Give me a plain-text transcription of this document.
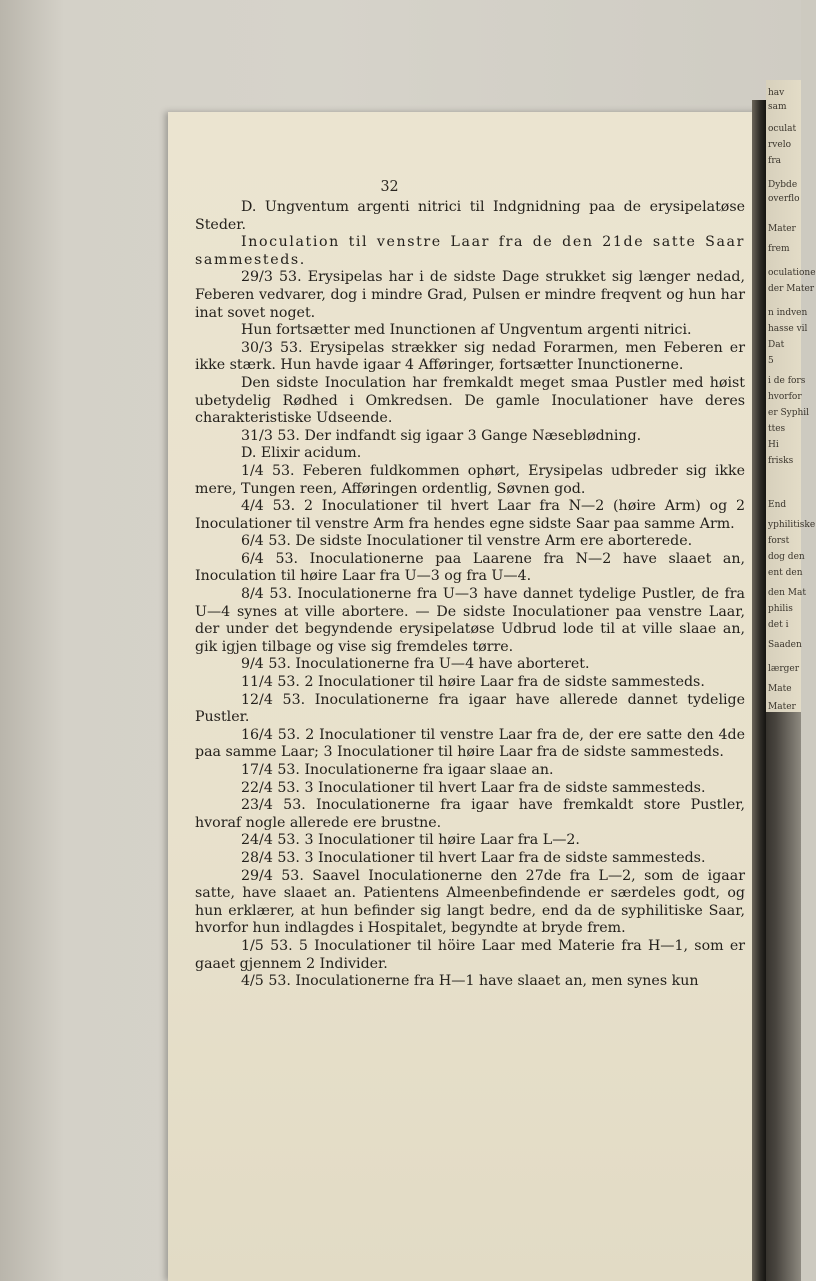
hav
sam
oculat
rvelo
fra
Dybde
overflo
Mater
frem
oculatione
der Mater
n indven
hasse vil
Dat
5
i de fors
hvorfor
er Syphil
ttes
Hi
frisks
End
yphilitiske
forst
dog den
ent den
den Mat
philis
det i
Saaden
lærger
Mate
Mater
32

D. Ungventum argenti nitrici til Indgnidning paa de erysipelatøse Steder.

Inoculation til venstre Laar fra de den 21de satte Saar sammesteds.

29/3 53. Erysipelas har i de sidste Dage strukket sig længer nedad, Feberen vedvarer, dog i mindre Grad, Pulsen er mindre freqvent og hun har inat sovet noget.

Hun fortsætter med Inunctionen af Ungventum argenti nitrici.

30/3 53. Erysipelas strækker sig nedad Forarmen, men Feberen er ikke stærk. Hun havde igaar 4 Afføringer, fortsætter Inunctionerne.

Den sidste Inoculation har fremkaldt meget smaa Pustler med høist ubetydelig Rødhed i Omkredsen. De gamle Inoculationer have deres charakteristiske Udseende.

31/3 53. Der indfandt sig igaar 3 Gange Næseblødning.

D. Elixir acidum.

1/4 53. Feberen fuldkommen ophørt, Erysipelas udbreder sig ikke mere, Tungen reen, Afføringen ordentlig, Søvnen god.

4/4 53. 2 Inoculationer til hvert Laar fra N—2 (høire Arm) og 2 Inoculationer til venstre Arm fra hendes egne sidste Saar paa samme Arm.

6/4 53. De sidste Inoculationer til venstre Arm ere aborterede.

6/4 53. Inoculationerne paa Laarene fra N—2 have slaaet an, Inoculation til høire Laar fra U—3 og fra U—4.

8/4 53. Inoculationerne fra U—3 have dannet tydelige Pustler, de fra U—4 synes at ville abortere. — De sidste Inoculationer paa venstre Laar, der under det begyndende erysipelatøse Udbrud lode til at ville slaae an, gik igjen tilbage og vise sig fremdeles tørre.

9/4 53. Inoculationerne fra U—4 have aborteret.

11/4 53. 2 Inoculationer til høire Laar fra de sidste sammesteds.

12/4 53. Inoculationerne fra igaar have allerede dannet tydelige Pustler.

16/4 53. 2 Inoculationer til venstre Laar fra de, der ere satte den 4de paa samme Laar; 3 Inoculationer til høire Laar fra de sidste sammesteds.

17/4 53. Inoculationerne fra igaar slaae an.

22/4 53. 3 Inoculationer til hvert Laar fra de sidste sammesteds.

23/4 53. Inoculationerne fra igaar have fremkaldt store Pustler, hvoraf nogle allerede ere brustne.

24/4 53. 3 Inoculationer til høire Laar fra L—2.

28/4 53. 3 Inoculationer til hvert Laar fra de sidste sammesteds.

29/4 53. Saavel Inoculationerne den 27de fra L—2, som de igaar satte, have slaaet an. Patientens Almeenbefindende er særdeles godt, og hun erklærer, at hun befinder sig langt bedre, end da de syphilitiske Saar, hvorfor hun indlagdes i Hospitalet, begyndte at bryde frem.

1/5 53. 5 Inoculationer til höire Laar med Materie fra H—1, som er gaaet gjennem 2 Individer.

4/5 53. Inoculationerne fra H—1 have slaaet an, men synes kun
